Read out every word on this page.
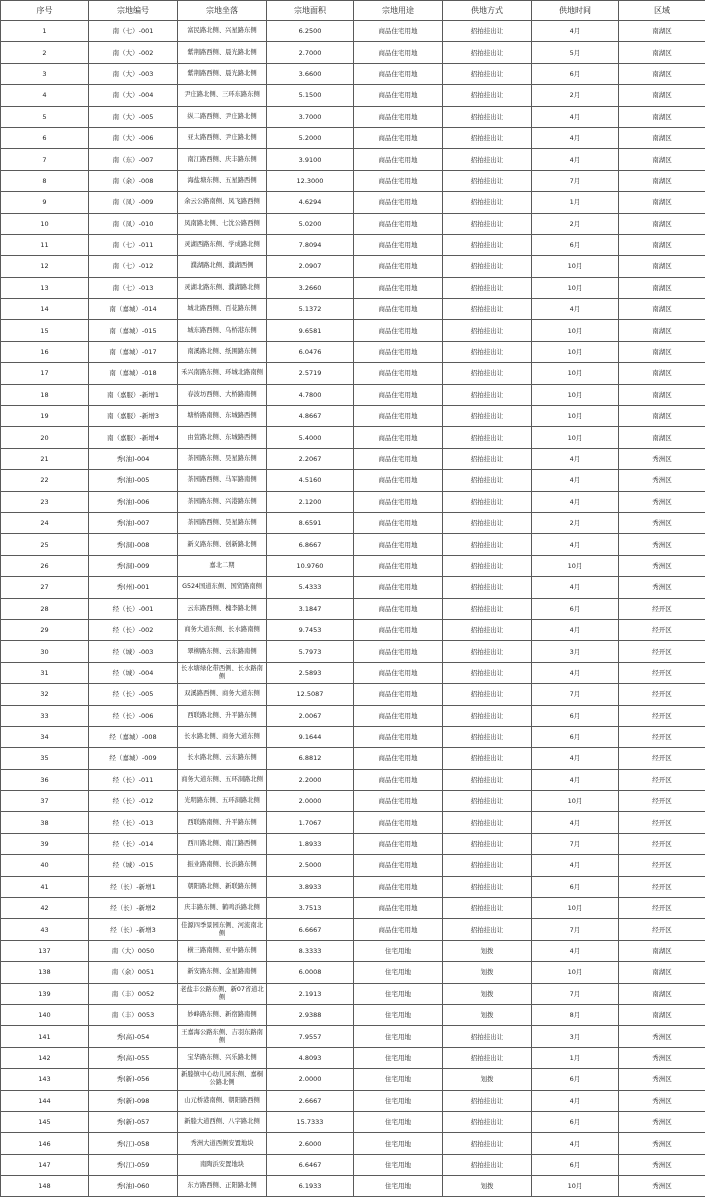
序号	宗地编号	宗地坐落	宗地面积	宗地用途	供地方式	供地时间	区域
1	南（七）-001	富民路北侧、兴星路东侧	6.2500	商品住宅用地	招拍挂出让	4月	南湖区
2	南（大）-002	紫荆路西侧、晨光路北侧	2.7000	商品住宅用地	招拍挂出让	5月	南湖区
3	南（大）-003	紫荆路西侧、晨光路北侧	3.6600	商品住宅用地	招拍挂出让	6月	南湖区
4	南（大）-004	尹庄路北侧、三环东路东侧	5.1500	商品住宅用地	招拍挂出让	2月	南湖区
5	南（大）-005	纵二路西侧、尹庄路北侧	3.7000	商品住宅用地	招拍挂出让	4月	南湖区
6	南（大）-006	亚太路西侧、尹庄路北侧	5.2000	商品住宅用地	招拍挂出让	4月	南湖区
7	南（东）-007	南江路西侧、庆丰路东侧	3.9100	商品住宅用地	招拍挂出让	4月	南湖区
8	南（余）-008	海盐塘东侧、五星路西侧	12.3000	商品住宅用地	招拍挂出让	7月	南湖区
9	南（凤）-009	余云公路南侧、凤飞路西侧	4.6294	商品住宅用地	招拍挂出让	1月	南湖区
10	南（凤）-010	凤南路北侧、七沈公路西侧	5.0200	商品住宅用地	招拍挂出让	2月	南湖区
11	南（七）-011	灵湖西路东侧、学成路北侧	7.8094	商品住宅用地	招拍挂出让	6月	南湖区
12	南（七）-012	濮湖路北侧、濮湖西侧	2.0907	商品住宅用地	招拍挂出让	10月	南湖区
13	南（七）-013	灵湖北路东侧、濮湖路北侧	3.2660	商品住宅用地	招拍挂出让	10月	南湖区
14	南（嘉城）-014	城北路西侧、百花路东侧	5.1372	商品住宅用地	招拍挂出让	4月	南湖区
15	南（嘉城）-015	城东路西侧、乌桥港东侧	9.6581	商品住宅用地	招拍挂出让	10月	南湖区
16	南（嘉城）-017	南溪路北侧、纸围路东侧	6.0476	商品住宅用地	招拍挂出让	10月	南湖区
17	南（嘉城）-018	禾兴南路东侧、环城北路南侧	2.5719	商品住宅用地	招拍挂出让	10月	南湖区
18	南（嘉服）-新增1	春波坊西侧、大桥路南侧	4.7800	商品住宅用地	招拍挂出让	10月	南湖区
19	南（嘉服）-新增3	塘桥路南侧、东城路西侧	4.8667	商品住宅用地	招拍挂出让	10月	南湖区
20	南（嘉服）-新增4	由萱路北侧、东城路西侧	5.4000	商品住宅用地	招拍挂出让	10月	南湖区
21	秀(油)-004	茶园路东侧、昊星路东侧	2.2067	商品住宅用地	招拍挂出让	4月	秀洲区
22	秀(油)-005	茶园路西侧、马军路南侧	4.5160	商品住宅用地	招拍挂出让	4月	秀洲区
23	秀(油)-006	茶园路东侧、兴港路东侧	2.1200	商品住宅用地	招拍挂出让	4月	秀洲区
24	秀(油)-007	茶园路西侧、昊星路东侧	8.6591	商品住宅用地	招拍挂出让	2月	秀洲区
25	秀(洞)-008	新义路东侧、创新路北侧	6.8667	商品住宅用地	招拍挂出让	4月	秀洲区
26	秀(洞)-009	嘉北二期	10.9760	商品住宅用地	招拍挂出让	10月	秀洲区
27	秀(州)-001	G524国道东侧、国贸路南侧	5.4333	商品住宅用地	招拍挂出让	4月	秀洲区
28	经（长）-001	云东路西侧、槐李路北侧	3.1847	商品住宅用地	招拍挂出让	6月	经开区
29	经（长）-002	商务大道东侧、长水路南侧	9.7453	商品住宅用地	招拍挂出让	4月	经开区
30	经（城）-003	翠柳路东侧、云东路南侧	5.7973	商品住宅用地	招拍挂出让	3月	经开区
31	经（城）-004	长水塘绿化带西侧、长水路南侧	2.5893	商品住宅用地	招拍挂出让	4月	经开区
32	经（长）-005	双溪路西侧、商务大道东侧	12.5087	商品住宅用地	招拍挂出让	7月	经开区
33	经（长）-006	西联路北侧、升平路东侧	2.0067	商品住宅用地	招拍挂出让	6月	经开区
34	经（嘉城）-008	长水路北侧、商务大道东侧	9.1644	商品住宅用地	招拍挂出让	6月	经开区
35	经（嘉城）-009	长水路北侧、云东路东侧	6.8812	商品住宅用地	招拍挂出让	4月	经开区
36	经（长）-011	商务大道东侧、五环洞路北侧	2.2000	商品住宅用地	招拍挂出让	4月	经开区
37	经（长）-012	光明路东侧、五环洞路北侧	2.0000	商品住宅用地	招拍挂出让	10月	经开区
38	经（长）-013	西联路南侧、升平路东侧	1.7067	商品住宅用地	招拍挂出让	4月	经开区
39	经（长）-014	西川路北侧、南江路西侧	1.8933	商品住宅用地	招拍挂出让	7月	经开区
40	经（城）-015	振业路南侧、长浜路东侧	2.5000	商品住宅用地	招拍挂出让	4月	经开区
41	经（长）-新增1	朝阳路北侧、新联路东侧	3.8933	商品住宅用地	招拍挂出让	6月	经开区
42	经（长）-新增2	庆丰路东侧、鹤鸣浜路北侧	3.7513	商品住宅用地	招拍挂出让	10月	经开区
43	经（长）-新增3	佳源四季景园东侧、河流南北侧	6.6667	商品住宅用地	招拍挂出让	7月	经开区
137	南（大）0050	横三路南侧、亚中路东侧	8.3333	住宅用地	划拨	4月	南湖区
138	南（余）0051	新安路东侧、金星路南侧	6.0008	住宅用地	划拨	10月	南湖区
139	南（丰）0052	老盐丰公路东侧、新07省道北侧	2.1913	住宅用地	划拨	7月	南湖区
140	南（丰）0053	妙峰路东侧、新宿路南侧	2.9388	住宅用地	划拨	8月	南湖区
141	秀(高)-054	王嘉海公路东侧、吉羽东路南侧	7.9557	住宅用地	招拍挂出让	3月	秀洲区
142	秀(高)-055	宝华路东侧、兴乐路北侧	4.8093	住宅用地	招拍挂出让	1月	秀洲区
143	秀(新)-056	新塍镇中心幼儿园东侧、嘉桐公路北侧	2.0000	住宅用地	划拨	6月	秀洲区
144	秀(新)-098	山元桥港南侧、朝阳路西侧	2.6667	住宅用地	招拍挂出让	4月	秀洲区
145	秀(新)-057	新塍大道西侧、八字路北侧	15.7333	住宅用地	招拍挂出让	6月	秀洲区
146	秀(江)-058	秀洲大道西侧安置地块	2.6000	住宅用地	招拍挂出让	4月	秀洲区
147	秀(江)-059	南陶浜安置地块	6.6467	住宅用地	招拍挂出让	6月	秀洲区
148	秀(油)-060	东方路西侧、正阳路北侧	6.1933	住宅用地	划拨	10月	秀洲区
